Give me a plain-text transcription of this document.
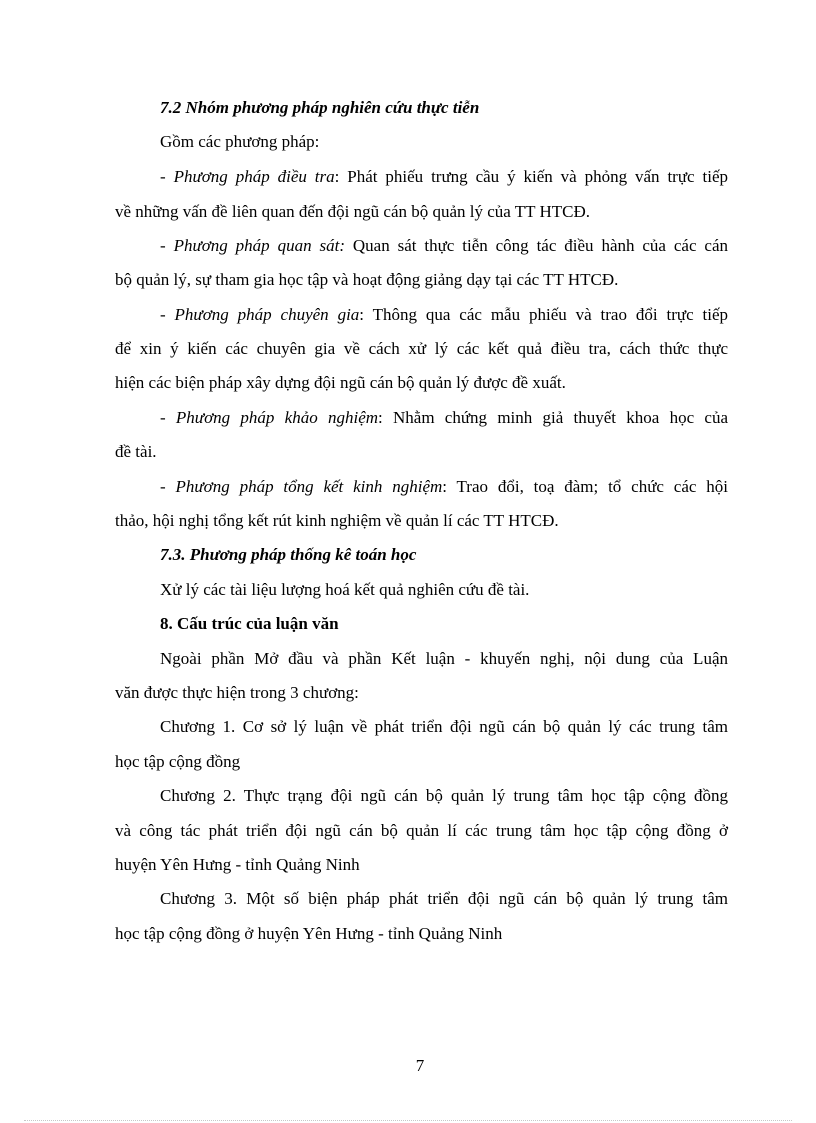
7.2 Nhóm phương pháp nghiên cứu thực tiễn

Gồm các phương pháp:

- Phương pháp điều tra: Phát phiếu trưng cầu ý kiến và phỏng vấn trực tiếp

về những vấn đề liên quan đến đội ngũ cán bộ quản lý của TT HTCĐ.

- Phương pháp quan sát: Quan sát thực tiễn công tác điều hành của các cán

bộ quản lý, sự tham gia học tập và hoạt động giảng dạy tại các TT HTCĐ.

- Phương pháp chuyên gia: Thông qua các mẫu phiếu và trao đổi trực tiếp

để xin ý kiến các chuyên gia về cách xử lý các kết quả điều tra, cách thức thực

hiện các biện pháp xây dựng đội ngũ cán bộ quản lý được đề xuất.

- Phương pháp khảo nghiệm: Nhằm chứng minh giả thuyết khoa học của

đề tài.

- Phương pháp tổng kết kinh nghiệm: Trao đổi, toạ đàm; tổ chức các hội

thảo, hội nghị tổng kết rút kinh nghiệm về quản lí các TT HTCĐ.

7.3. Phương pháp thống kê toán học

Xử lý các tài liệu lượng hoá kết quả nghiên cứu đề tài.

8. Cấu trúc của luận văn

Ngoài phần Mở đầu và phần Kết luận - khuyến nghị, nội dung của Luận

văn được thực hiện trong 3 chương:

Chương 1. Cơ sở lý luận về phát triển đội ngũ cán bộ quản lý các trung tâm

học tập cộng đồng

Chương 2. Thực trạng đội ngũ cán bộ quản lý trung tâm học tập cộng đồng

và công tác phát triển đội ngũ cán bộ quản lí các trung tâm học tập cộng đồng ở

huyện Yên Hưng - tỉnh Quảng Ninh

Chương 3. Một số biện pháp phát triển đội ngũ cán bộ quản lý trung tâm

học tập cộng đồng ở huyện Yên Hưng - tỉnh Quảng Ninh

7
